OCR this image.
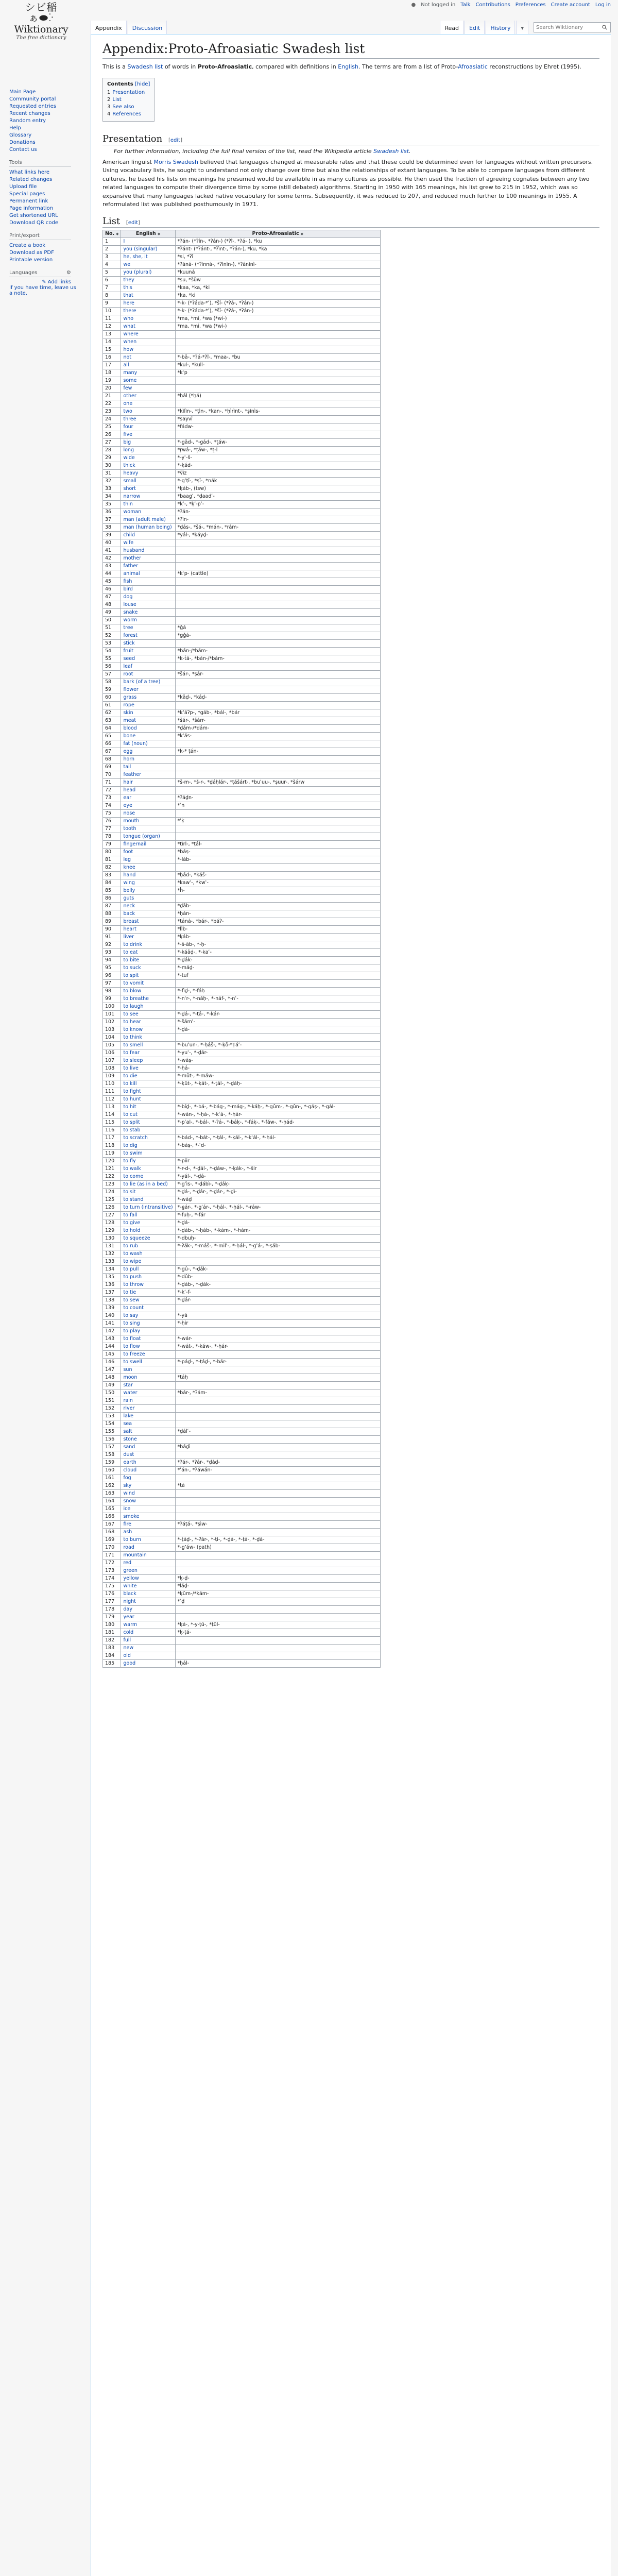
● Not logged in Talk Contributions Preferences Create account Log in
シビ稲
ぁ⬬ⴾ
Wiktionary
The free dictionary
Appendix	Discussion	Read	Edit	History	▾
Search Wiktionary
Main Page
Community portal
Requested entries
Recent changes
Random entry
Help
Glossary
Donations
Contact us
Tools
What links here
Related changes
Upload file
Special pages
Permanent link
Page information
Get shortened URL
Download QR code
Print/export
Create a book
Download as PDF
Printable version
Languages	⚙
✎ Add links
If you have time, leave us a note.
Appendix:Proto-Afroasiatic Swadesh list

This is a Swadesh list of words in Proto-Afroasiatic, compared with definitions in English. The terms are from a list of Proto-Afroasiatic reconstructions by Ehret (1995).

Contents [hide]
1 Presentation
2 List
3 See also
4 References
Presentation [edit]
For further information, including the full final version of the list, read the Wikipedia article Swadesh list.

American linguist Morris Swadesh believed that languages changed at measurable rates and that these could be determined even for languages without written precursors. Using vocabulary lists, he sought to understand not only change over time but also the relationships of extant languages. To be able to compare languages from different cultures, he based his lists on meanings he presumed would be available in as many cultures as possible. He then used the fraction of agreeing cognates between any two related languages to compute their divergence time by some (still debated) algorithms. Starting in 1950 with 165 meanings, his list grew to 215 in 1952, which was so expansive that many languages lacked native vocabulary for some terms. Subsequently, it was reduced to 207, and reduced much further to 100 meanings in 1955. A reformulated list was published posthumously in 1971.

List [edit]
No. ◆	English ◆	Proto-Afroasiatic ◆
1	I	*ʔán- (*ʔîn-, *ʔán-) (*ʔî-, *ʔá- ), *ku
2	you (singular)	*ʔánt- (*ʔánt-, *ʔìnt-, *ʔán-), *ku, *ka
3	he, she, it	*si, *ʔî
4	we	*ʔáná- (*ʔìnná-, *ʔìnìn-), *ʔánìnì-
5	you (plural)	*kuuná
6	they	*su, *šüw
7	this	*kaa, *ka, *ki
8	that	*ka, *ki
9	here	*-k- (*ʔáda-*ʿ), *šî- (*ʔá-, *ʔán-)
10	there	*-k- (*ʔáda-*ʿ), *šî- (*ʔá-, *ʔán-)
11	who	*ma, *mi, *wa (*wi-)
12	what	*ma, *mi, *wa (*wi-)
13	where	
14	when	
15	how	
16	not	*-bā-, *ʔá-*ʔî-, *maa-, *bu
17	all	*kul-, *kull-
18	many	*kʿp
19	some	
20	few	
21	other	*ḫál (*ḫá)
22	one	
23	two	*kìlìn-, *ṭìn-, *kan-, *ḥìrìnt-, *ṣìnìs-
24	three	*sayvî
25	four	*fádw-
26	five	
27	big	*-gād-, *-gád-, *ṯáw-
28	long	*ṛwá-, *ṯáw-, *ṯ-l
29	wide	*-yʿ-š-
30	thick	*-ḳád-
31	heavy	*ṽìz
32	small	*-gʿṭî-, *ṣî-, *nák
33	short	*ḳáb-, (tsw)
34	narrow	*baagʿ, *ḏaadʿ-
35	thin	*kʿ-, *ḳʿ-pʿ-
36	woman	*ʔán-
37	man (adult male)	*ʔìn-
38	man (human being)	*ḏás-, *šá-, *mán-, *rám-
39	child	*yál-, *ḳáyḏ-
40	wife	
41	husband	
42	mother	
43	father	
44	animal	*kʿp- (cattle)
45	fish	
46	bird	
47	dog	
48	louse	
49	snake	
50	worm	
51	tree	*ǧá
52	forest	*gǧá-
53	stick	
54	fruit	*bán-/*bám-
55	seed	*k-ṫá-, *bán-/*bám-
56	leaf	
57	root	*šár-, *ṣár-
58	bark (of a tree)	
59	flower	
60	grass	*kāḏ-, *káḏ-
61	rope	
62	skin	*k’áʔp-, *gáb-, *bál-, *bár
63	meat	*šár-, *šárr-
64	blood	*ḏám-/*dám-
65	bone	*kʿás-
66	fat (noun)	
67	egg	*k-* ṭán-
68	horn	
69	tail	
70	feather	
71	hair	*š-m-, *š-r-, *ḏáḥlár-, *ṭášárt-, *buʿuu-, *ṣuur-, *šárw
72	head	
73	ear	*ʔáḏn-
74	eye	*ʿn
75	nose	
76	mouth	*ʿḳ
77	tooth	
78	tongue (organ)	
79	fingernail	*ṭìrl-, *ṭál-
80	foot	*báṣ-
81	leg	*-láb-
82	knee	
83	hand	*ḥád-, *ḳáš-
84	wing	*kawʿ-, *kwʿ-
85	belly	*ḣ-
86	guts	
87	neck	*ḏāb-
88	back	*ḥán-
89	breast	*táná-, *bár-, *báʔ-
90	heart	*lîb-
91	liver	*ḳáb-
92	to drink	*-š-āb-, *-ḥ-
93	to eat	*-káāḏ-, *-kaʿ-
94	to bite	*-ḏák-
95	to suck	*-máḏ-
96	to spit	*-tuf
97	to vomit	
98	to blow	*-fìḏ-, *-fáḥ
99	to breathe	*-nʿr-, *-náḥ-, *-náf-, *-nʿ-
100	to laugh	
101	to see	*-ḏá-, *-ṭá-, *-kár-
102	to hear	*-šámʿ-
103	to know	*-ḏá-
104	to think	
105	to smell	*-buʿun-, *-ḥáš-, *-ḳṓ-*Ṭáʿ-
106	to fear	*-yuʿ-, *-ḏár-
107	to sleep	*-wáṣ-
108	to live	*-ḥá-
109	to die	*-mût-, *-máw-
110	to kill	*-ḳût-, *-ḳát-, *-ṭál-, *-ḏáḥ-
111	to fight	
112	to hunt	
113	to hit	*-bíḏ-, *-bá-, *-bág-, *-mág-, *-káḥ-, *-gûm-, *-gûn-, *-gáṣ-, *-gál-
114	to cut	*-wán-, *-ḥá-, *-kʿá-, *-ḥár-
115	to split	*-pʿal-, *-bál-, *-ʔá-, *-báḳ-, *-fáḳ-, *-fáw-, *-ḥád-
116	to stab	
117	to scratch	*-bád-, *-bát-, *-ṭál-, *-ḳál-, *-kʿál-, *-ḥál-
118	to dig	*-báṣ-, *-ʿd-
119	to swim	
120	to fly	*-piir
121	to walk	*-r-d-, *-ḏál-, *-ḏáw-, *-ḳák-, *-šir
122	to come	*-yál-, *-ḏá-
123	to lie (as in a bed)	*-gʿìs-, *-ḏábì-, *-ḏáḳ-
124	to sit	*-ḏá-, *-ḏár-, *-ḏár-, *-ḏì-
125	to stand	*-wáḏ
126	to turn (intransitive)	*-ḛár-, *-gʿár-, *-ḥál-, *-ḥál-, *-ráw-
127	to fall	*-fuḥ-, *-fár
128	to give	*-ḏá-
129	to hold	*-ḏáb-, *-ḥáb-, *-kám-, *-hám-
130	to squeeze	*-dbuḥ-
131	to rub	*-ʔák-, *-máš-, *-milʿ-, *-ḥál-, *-gʿá-, *-ṣáb-
132	to wash	
133	to wipe	
134	to pull	*-gû-, *-ḏák-
135	to push	*-dûb-
136	to throw	*-ḏáb-, *-ḏák-
137	to tie	*-kʿ-f-
138	to sew	*-ḏár-
139	to count	
140	to say	*-yá
141	to sing	*-ḥir
142	to play	
143	to float	*-wár-
144	to flow	*-wát-, *-káw-, *-ḥár-
145	to freeze	
146	to swell	*-páḏ-, *-ṭáḏ-, *-bár-
147	sun	
148	moon	*táḥ
149	star	
150	water	*bár-, *ʔám-
151	rain	
152	river	
153	lake	
154	sea	
155	salt	*ḏálʿ-
156	stone	
157	sand	*báḏì
158	dust	
159	earth	*ʔár-, *ʔár-, *ḏáḏ-
160	cloud	*ʿán-, *ʔáwán-
161	fog	
162	sky	*ṭá
163	wind	
164	snow	
165	ice	
166	smoke	
167	fire	*ʔáṭá-, *ṣìw-
168	ash	
169	to burn	*-ṭáḏ-, *-ʔár-, *-ṭì-, *-ḏá-, *-ṭá-, *-ḏá-
170	road	*-g’áw- (path)
171	mountain	
172	red	
173	green	
174	yellow	*ḳ-ḏ-
175	white	*láḏ-
176	black	*ḳûm-/*ḳám-
177	night	*ʿḏ
178	day	
179	year	
180	warm	*ḳá-, *-y-ṭû-, *ṭûl-
181	cold	*ḳ-ṭá-
182	full	
183	new	
184	old	
185	good	*ḥál-
